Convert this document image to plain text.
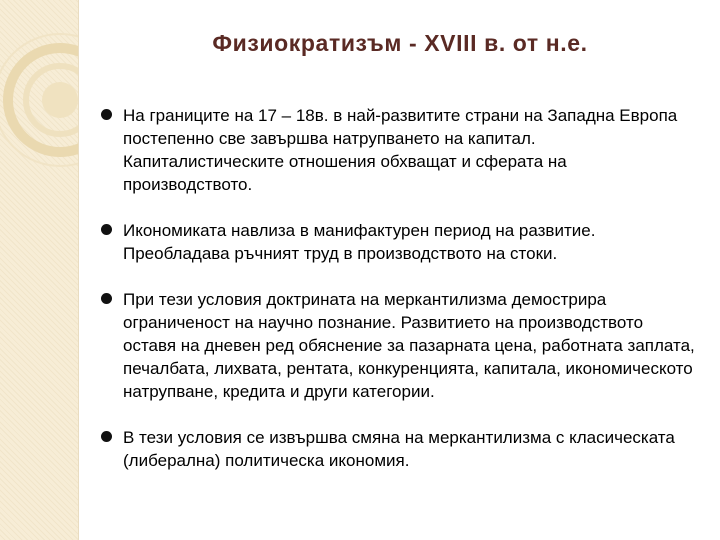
Физиократизъм - XVIII в. от н.е.
На границите на 17 – 18в. в най-развитите страни на Западна Европа постепенно све завършва натрупването на капитал. Капиталистическите отношения обхващат и сферата на производството.
Икономиката навлиза в манифактурен период на развитие. Преобладава ръчният труд в производството на стоки.
При тези условия доктрината на меркантилизма демострира ограниченост на научно познание. Развитието на производството оставя на дневен ред обяснение за пазарната цена, работната заплата, печалбата, лихвата, рентата, конкуренцията, капитала, икономическото натрупване, кредита и други категории.
В тези условия се извършва смяна на меркантилизма с класическата (либерална) политическа икономия.
